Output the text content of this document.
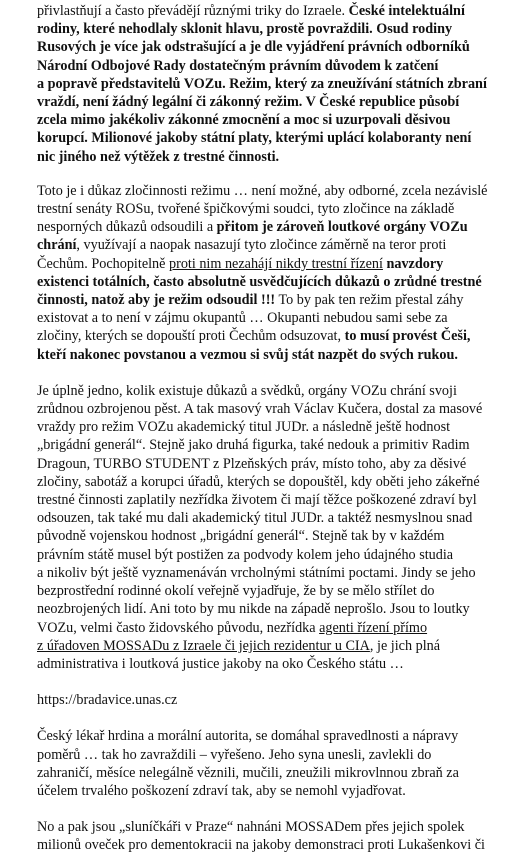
přivlastňují a často převádějí různými triky do Izraele. České intelektuální
rodiny, které nehodlaly sklonit hlavu, prostě povraždili. Osud rodiny
Rusových je více jak odstrašující a je dle vyjádření právních odborníků
Národní Odbojové Rady dostatečným právním důvodem k zatčení
a popravě představitelů VOZu. Režim, který za zneužívání státních zbraní
vraždí, není žádný legální či zákonný režim. V České republice působí
zcela mimo jakékoliv zákonné zmocnění a moc si uzurpovali děsivou
korupcí. Milionové jakoby státní platy, kterými uplácí kolaboranty není
nic jiného než výtěžek z trestné činnosti.
Toto je i důkaz zločinnosti režimu … není možné, aby odborné, zcela nezávislé
trestní senáty ROSu, tvořené špičkovými soudci, tyto zločince na základě
nesporných důkazů odsoudili a přitom je zároveň loutkové orgány VOZu
chrání, využívají a naopak nasazují tyto zločince záměrně na teror proti
Čechům. Pochopitelně proti nim nezahájí nikdy trestní řízení navzdory
existenci totálních, často absolutně usvědčujících důkazů o zrůdné trestné
činnosti, natož aby je režim odsoudil !!! To by pak ten režim přestal záhy
existovat a to není v zájmu okupantů … Okupanti nebudou sami sebe za
zločiny, kterých se dopouští proti Čechům odsuzovat, to musí provést Češi,
kteří nakonec povstanou a vezmou si svůj stát nazpět do svých rukou.
Je úplně jedno, kolik existuje důkazů a svědků, orgány VOZu chrání svoji
zrůdnou ozbrojenou pěst. A tak masový vrah Václav Kučera, dostal za masové
vraždy pro režim VOZu akademický titul JUDr. a následně ještě hodnost
„brigádní generál“. Stejně jako druhá figurka, také nedouk a primitiv Radim
Dragoun, TURBO STUDENT z Plzeňských práv, místo toho, aby za děsivé
zločiny, sabotáž a korupci úřadů, kterých se dopouštěl, kdy oběti jeho zákeřné
trestné činnosti zaplatily nezřídka životem či mají těžce poškozené zdraví byl
odsouzen, tak také mu dali akademický titul JUDr. a taktéž nesmyslnou snad
původně vojenskou hodnost „brigádní generál“. Stejně tak by v každém
právním státě musel být postižen za podvody kolem jeho údajného studia
a nikoliv být ještě vyznamenáván vrcholnými státními poctami. Jindy se jeho
bezprostřední rodinné okolí veřejně vyjadřuje, že by se mělo střílet do
neozbrojených lidí. Ani toto by mu nikde na západě neprošlo. Jsou to loutky
VOZu, velmi často židovského původu, nezřídka agenti řízení přímo
z úřadoven MOSSADu z Izraele či jejich rezidentur u CIA, je jich plná
administrativa i loutková justice jakoby na oko Českého státu …
https://bradavice.unas.cz
Český lékař hrdina a morální autorita, se domáhal spravedlnosti a nápravy
poměrů … tak ho zavraždili – vyřešeno. Jeho syna unesli, zavlekli do
zahraničí, měsíce nelegálně věznili, mučili, zneužili mikrovlnnou zbraň za
účelem trvalého poškození zdraví tak, aby se nemohl vyjadřovat.
No a pak jsou „sluníčkáři v Praze“ nahnáni MOSSADem přes jejich spolek
milionů oveček pro dementokracii na jakoby demonstraci proti Lukašenkovi či
